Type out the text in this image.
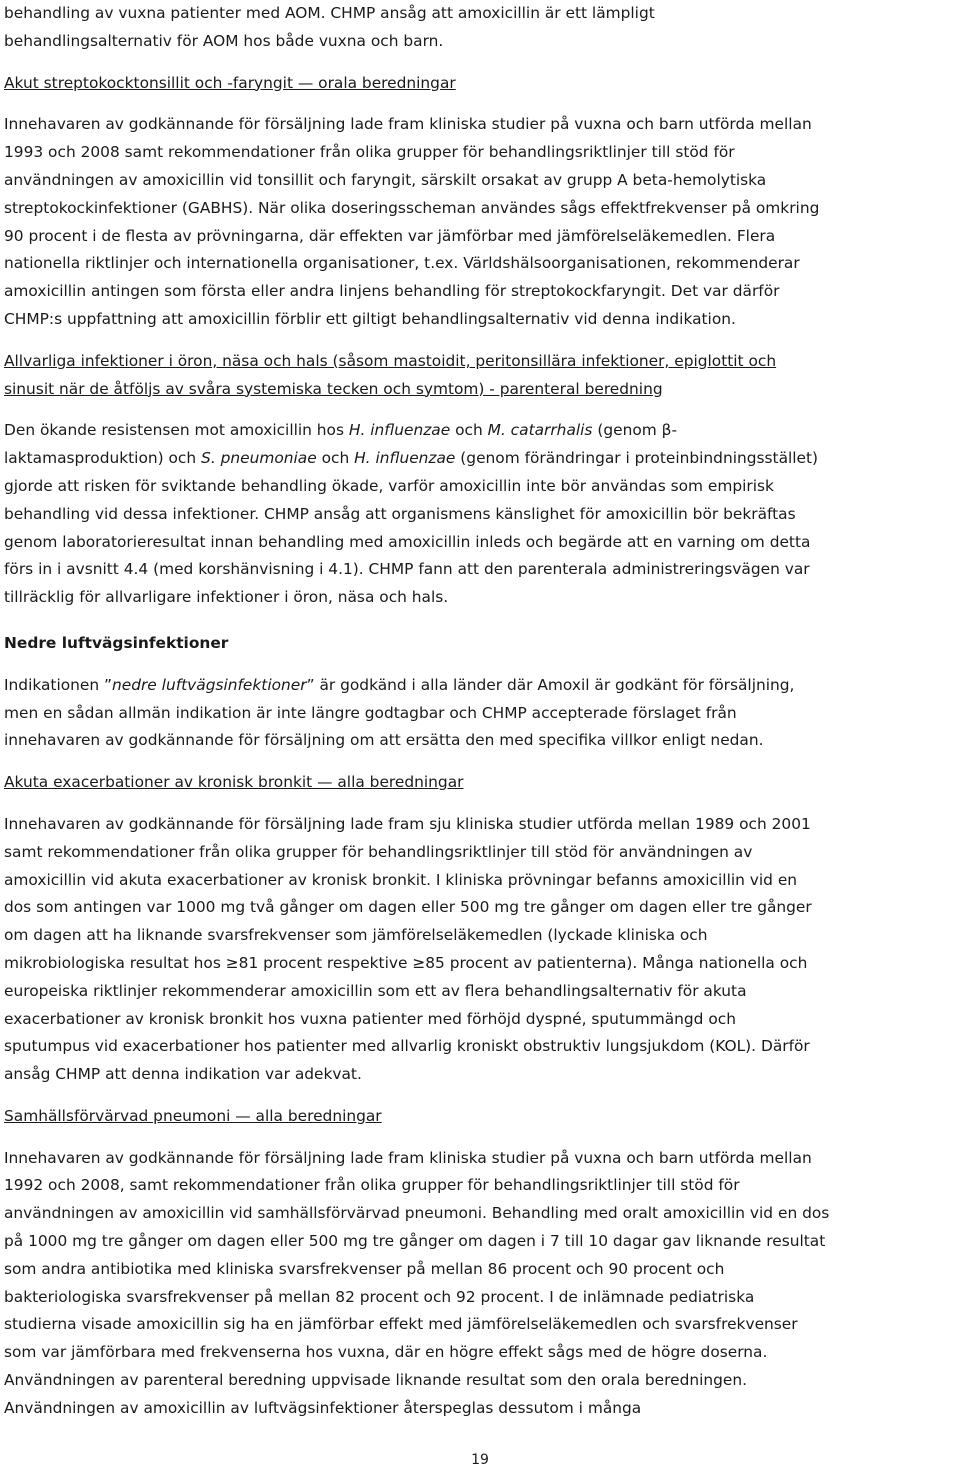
behandling av vuxna patienter med AOM. CHMP ansåg att amoxicillin är ett lämpligt

behandlingsalternativ för AOM hos både vuxna och barn.

Akut streptokocktonsillit och -faryngit — orala beredningar

Innehavaren av godkännande för försäljning lade fram kliniska studier på vuxna och barn utförda mellan

1993 och 2008 samt rekommendationer från olika grupper för behandlingsriktlinjer till stöd för

användningen av amoxicillin vid tonsillit och faryngit, särskilt orsakat av grupp A beta-hemolytiska

streptokockinfektioner (GABHS). När olika doseringsscheman användes sågs effektfrekvenser på omkring

90 procent i de flesta av prövningarna, där effekten var jämförbar med jämförelseläkemedlen. Flera

nationella riktlinjer och internationella organisationer, t.ex. Världshälsoorganisationen, rekommenderar

amoxicillin antingen som första eller andra linjens behandling för streptokockfaryngit. Det var därför

CHMP:s uppfattning att amoxicillin förblir ett giltigt behandlingsalternativ vid denna indikation.

Allvarliga infektioner i öron, näsa och hals (såsom mastoidit, peritonsillära infektioner, epiglottit och

sinusit när de åtföljs av svåra systemiska tecken och symtom) - parenteral beredning

Den ökande resistensen mot amoxicillin hos H. influenzae och M. catarrhalis (genom β-

laktamasproduktion) och S. pneumoniae och H. influenzae (genom förändringar i proteinbindningsstället)

gjorde att risken för sviktande behandling ökade, varför amoxicillin inte bör användas som empirisk

behandling vid dessa infektioner. CHMP ansåg att organismens känslighet för amoxicillin bör bekräftas

genom laboratorieresultat innan behandling med amoxicillin inleds och begärde att en varning om detta

förs in i avsnitt 4.4 (med korshänvisning i 4.1). CHMP fann att den parenterala administreringsvägen var

tillräcklig för allvarligare infektioner i öron, näsa och hals.

Nedre luftvägsinfektioner

Indikationen ”nedre luftvägsinfektioner” är godkänd i alla länder där Amoxil är godkänt för försäljning,

men en sådan allmän indikation är inte längre godtagbar och CHMP accepterade förslaget från

innehavaren av godkännande för försäljning om att ersätta den med specifika villkor enligt nedan.

Akuta exacerbationer av kronisk bronkit — alla beredningar

Innehavaren av godkännande för försäljning lade fram sju kliniska studier utförda mellan 1989 och 2001

samt rekommendationer från olika grupper för behandlingsriktlinjer till stöd för användningen av

amoxicillin vid akuta exacerbationer av kronisk bronkit. I kliniska prövningar befanns amoxicillin vid en

dos som antingen var 1000 mg två gånger om dagen eller 500 mg tre gånger om dagen eller tre gånger

om dagen att ha liknande svarsfrekvenser som jämförelseläkemedlen (lyckade kliniska och

mikrobiologiska resultat hos ≥81 procent respektive ≥85 procent av patienterna). Många nationella och

europeiska riktlinjer rekommenderar amoxicillin som ett av flera behandlingsalternativ för akuta

exacerbationer av kronisk bronkit hos vuxna patienter med förhöjd dyspné, sputummängd och

sputumpus vid exacerbationer hos patienter med allvarlig kroniskt obstruktiv lungsjukdom (KOL). Därför

ansåg CHMP att denna indikation var adekvat.

Samhällsförvärvad pneumoni — alla beredningar

Innehavaren av godkännande för försäljning lade fram kliniska studier på vuxna och barn utförda mellan

1992 och 2008, samt rekommendationer från olika grupper för behandlingsriktlinjer till stöd för

användningen av amoxicillin vid samhällsförvärvad pneumoni. Behandling med oralt amoxicillin vid en dos

på 1000 mg tre gånger om dagen eller 500 mg tre gånger om dagen i 7 till 10 dagar gav liknande resultat

som andra antibiotika med kliniska svarsfrekvenser på mellan 86 procent och 90 procent och

bakteriologiska svarsfrekvenser på mellan 82 procent och 92 procent. I de inlämnade pediatriska

studierna visade amoxicillin sig ha en jämförbar effekt med jämförelseläkemedlen och svarsfrekvenser

som var jämförbara med frekvenserna hos vuxna, där en högre effekt sågs med de högre doserna.

Användningen av parenteral beredning uppvisade liknande resultat som den orala beredningen.

Användningen av amoxicillin av luftvägsinfektioner återspeglas dessutom i många

19
